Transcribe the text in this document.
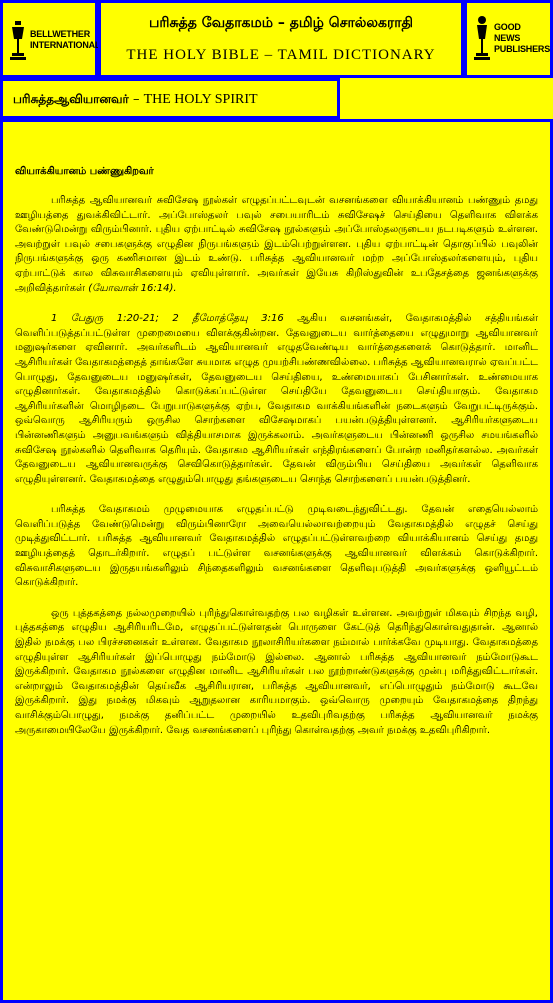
BELLWETHER INTERNATIONAL
பரிசுத்த வேதாகமம் – தமிழ் சொல்லகராதி
THE HOLY BIBLE – TAMIL DICTIONARY
GOOD NEWS PUBLISHERS
பரிசுத்தஆவியானவர் – THE HOLY SPIRIT
வியாக்கியானம் பண்ணுகிறவர்

பரிசுத்த ஆவியானவர் சுவிசேஷ நூல்கள் எழுதப்பட்டவுடன் வசனங்களை வியாக்கியானம் பண்ணும் தமது ஊழியத்தை துவக்கிவிட்டார். அப்போஸ்தலர் பவுல் சபையாரிடம் சுவிசேஷச் செய்தியை தெளிவாக விளக்க வேண்டுமென்று விரும்பினார். புதிய ஏற்பாட்டில் சுவிசேஷ நூல்களும் அப்போஸ்தலருடைய நடபடிகளும் உள்ளன. அவற்றுள் பவுல் சபைகளுக்கு எழுதின நிருபங்களும் இடம்பெற்றுள்ளன. புதிய ஏற்பாட்டின் தொகுப்பில் பவுலின் நிருபங்களுக்கு ஒரு கணிசமான இடம் உண்டு. பரிசுத்த ஆவியானவர் மற்ற அப்போஸ்தலர்களையும், புதிய ஏற்பாட்டுக் கால விசுவாசிகளையும் ஏவியுள்ளார். அவர்கள் இயேசு கிறிஸ்துவின் உபதேசத்தை ஜனங்களுக்கு அறிவித்தார்கள் (யோவான் 16:14).

1 பேதுரு 1:20-21; 2 தீமோத்தேயு 3:16 ஆகிய வசனங்கள், வேதாகமத்தில் சத்தியங்கள் வெளிப்படுத்தப்பட்டுள்ள முறைமையை விளக்குகின்றன. தேவனுடைய வார்த்தையை எழுதுமாறு ஆவியானவர் மனுஷர்களை ஏவினார். அவர்களிடம் ஆவியானவர் எழுதவேண்டிய வார்த்தைகளைக் கொடுத்தார். மானிட ஆசிரியர்கள் வேதாகமத்தைத் தாங்களே சுயமாக எழுத முயற்சிபண்ணவில்லை. பரிசுத்த ஆவியானவரால் ஏவப்பட்ட பொழுது, தேவனுடைய மனுஷர்கள், தேவனுடைய செய்தியை, உண்மையாகப் பேசினார்கள். உண்மையாக எழுதினார்கள். வேதாகமத்தில் கொடுக்கப்பட்டுள்ள செய்தியே தேவனுடைய செய்தியாகும். வேதாகம ஆசிரியர்களின் மொழிநடை பேறுபாடுகளுக்கு ஏற்ப, வேதாகம வாக்கியங்களின் நடைகளும் வேறுபட்டிருக்கும். ஒவ்வொரு ஆசிரியரும் ஒருசில சொற்களை விசேஷமாகப் பயன்படுத்தியுள்ளனர். ஆசிரியர்களுடைய பின்னணிகளும் அனுபவங்களும் வித்தியாசமாக இருக்கலாம். அவர்களுடைய பின்னணி ஒருசில சமயங்களில் சுவிசேஷ நூல்களில் தெளிவாக தெரியும். வேதாகம ஆசிரியர்கள் எந்திரங்களைப் போன்ற மனிதர்களல்ல. அவர்கள் தேவனுடைய ஆவியானவருக்கு செவிகொடுத்தார்கள். தேவன் விரும்பிய செய்தியை அவர்கள் தெளிவாக எழுதியுள்ளனர். வேதாகமத்தை எழுதும்பொழுது தங்களுடைய சொந்த சொற்களைப் பயன்படுத்தினர்.

பரிசுத்த வேதாகமம் முழுமையாக எழுதப்பட்டு முடிவடைந்துவிட்டது. தேவன் எதையெல்லாம் வெளிப்படுத்த வேண்டுமென்று விரும்பினாரோ அவையெல்லாவற்றையும் வேதாகமத்தில் எழுதச் செய்து முடித்துவிட்டார். பரிசுத்த ஆவியானவர் வேதாகமத்தில் எழுதப்பட்டுள்ளவற்றை வியாக்கியானம் செய்து தமது ஊழியத்தைத் தொடர்கிறார். எழுதப் பட்டுள்ள வசனங்களுக்கு ஆவியானவர் விளக்கம் கொடுக்கிறார். விசுவாசிகளுடைய இருதயங்களிலும் சிந்தைகளிலும் வசனங்களை தெளிவுபடுத்தி அவர்களுக்கு ஒளியூட்டம் கொடுக்கிறார்.

ஒரு புத்தகத்தை நல்லமுறையில் புரிந்துகொள்வதற்கு பல வழிகள் உள்ளன. அவற்றுள் மிகவும் சிறந்த வழி, புத்தகத்தை எழுதிய ஆசிரியரிடமே, எழுதப்பட்டுள்ளதன் பொருளை கேட்டுத் தெரிந்துகொள்வதுதான். ஆனால் இதில் நமக்கு பல பிரச்சனைகள் உள்ளன. வேதாகம நூலாசிரியர்களை நம்மால் பார்க்கவே முடியாது. வேதாகமத்தை எழுதியுள்ள ஆசிரியர்கள் இப்பொழுது நம்மோடு இல்லை. ஆனால் பரிசுத்த ஆவியானவர் நம்மோடுகூட இருக்கிறார். வேதாகம நூல்களை எழுதின மானிட ஆசிரியர்கள் பல நூற்றாண்டுகளுக்கு முன்பு மரித்துவிட்டார்கள். என்றாலும் வேதாகமத்தின் தெய்வீக ஆசிரியரான, பரிசுத்த ஆவியானவர், எப்பொழுதும் நம்மோடு கூடவே இருக்கிறார். இது நமக்கு மிகவும் ஆறுதலான காரியமாகும். ஒவ்வொரு முறையும் வேதாகமத்தை திறந்து வாசிக்கும்பொழுது, நமக்கு தனிப்பட்ட முறையில் உதவிபுரிவதற்கு பரிசுத்த ஆவியானவர் நமக்கு அருகாமையிலேயே இருக்கிறார். வேத வசனங்களைப் புரிந்து கொள்வதற்கு அவர் நமக்கு உதவிபுரிகிறார்.
